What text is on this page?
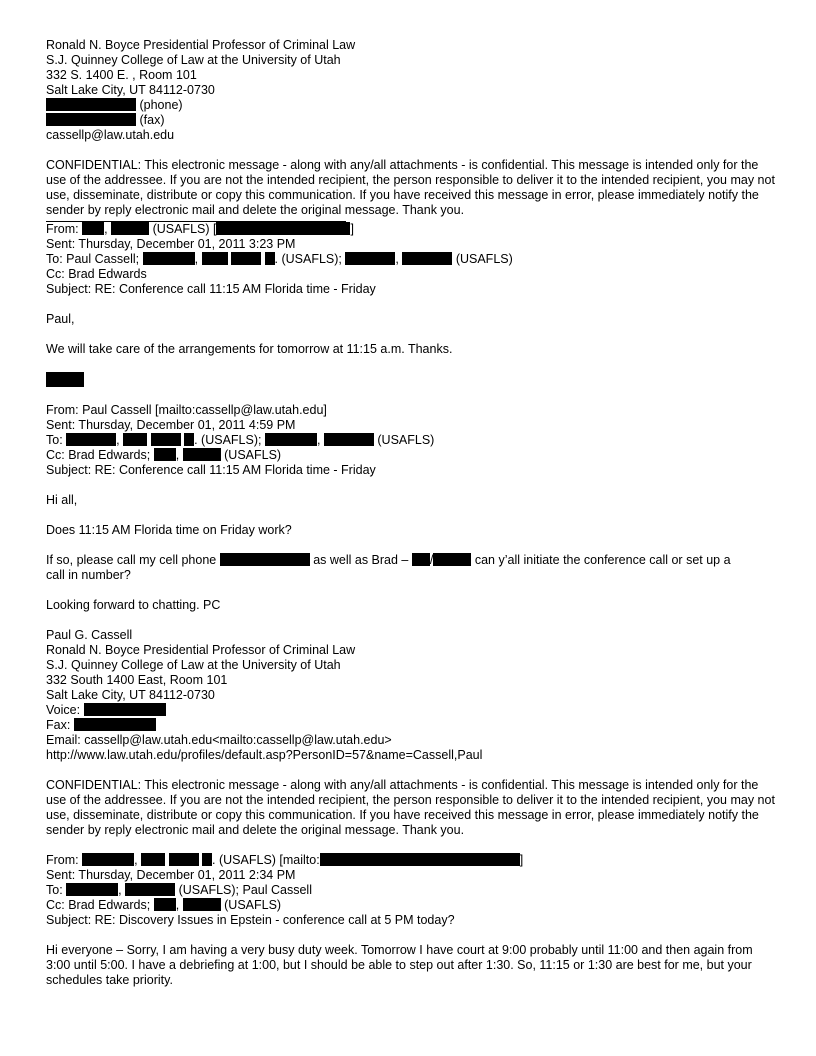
Ronald N. Boyce Presidential Professor of Criminal Law
S.J. Quinney College of Law at the University of Utah
332 S. 1400 E. , Room 101
Salt Lake City, UT 84112-0730
(phone)
(fax)
cassellp@law.utah.edu
CONFIDENTIAL: This electronic message - along with any/all attachments - is confidential. This message is intended only for the use of the addressee. If you are not the intended recipient, the person responsible to deliver it to the intended recipient, you may not use, disseminate, distribute or copy this communication. If you have received this message in error, please immediately notify the sender by reply electronic mail and delete the original message. Thank you.
From: ,	(USAFLS) [	]
Sent: Thursday, December 01, 2011 3:23 PM
To: Paul Cassell;	,	. (USAFLS);	,	(USAFLS)
Cc: Brad Edwards
Subject: RE: Conference call 11:15 AM Florida time - Friday
Paul,
We will take care of the arrangements for tomorrow at 11:15 a.m. Thanks.
From: Paul Cassell [mailto:cassellp@law.utah.edu]
Sent: Thursday, December 01, 2011 4:59 PM
To:	,	. (USAFLS);	,	(USAFLS)
Cc: Brad Edwards; ,	(USAFLS)
Subject: RE: Conference call 11:15 AM Florida time - Friday
Hi all,
Does 11:15 AM Florida time on Friday work?
If so, please call my cell phone	as well as Brad – /	can y’all initiate the conference call or set up a
call in number?
Looking forward to chatting. PC
Paul G. Cassell
Ronald N. Boyce Presidential Professor of Criminal Law
S.J. Quinney College of Law at the University of Utah
332 South 1400 East, Room 101
Salt Lake City, UT 84112-0730
Voice:
Fax:
Email: cassellp@law.utah.edu<mailto:cassellp@law.utah.edu>
http://www.law.utah.edu/profiles/default.asp?PersonID=57&name=Cassell,Paul
CONFIDENTIAL: This electronic message - along with any/all attachments - is confidential. This message is intended only for the use of the addressee. If you are not the intended recipient, the person responsible to deliver it to the intended recipient, you may not use, disseminate, distribute or copy this communication. If you have received this message in error, please immediately notify the sender by reply electronic mail and delete the original message. Thank you.
From:	,	. (USAFLS) [mailto:	]
Sent: Thursday, December 01, 2011 2:34 PM
To:	,	(USAFLS); Paul Cassell
Cc: Brad Edwards; ,	(USAFLS)
Subject: RE: Discovery Issues in Epstein - conference call at 5 PM today?
Hi everyone – Sorry, I am having a very busy duty week. Tomorrow I have court at 9:00 probably until 11:00 and then again from 3:00 until 5:00. I have a debriefing at 1:00, but I should be able to step out after 1:30. So, 11:15 or 1:30 are best for me, but your schedules take priority.
